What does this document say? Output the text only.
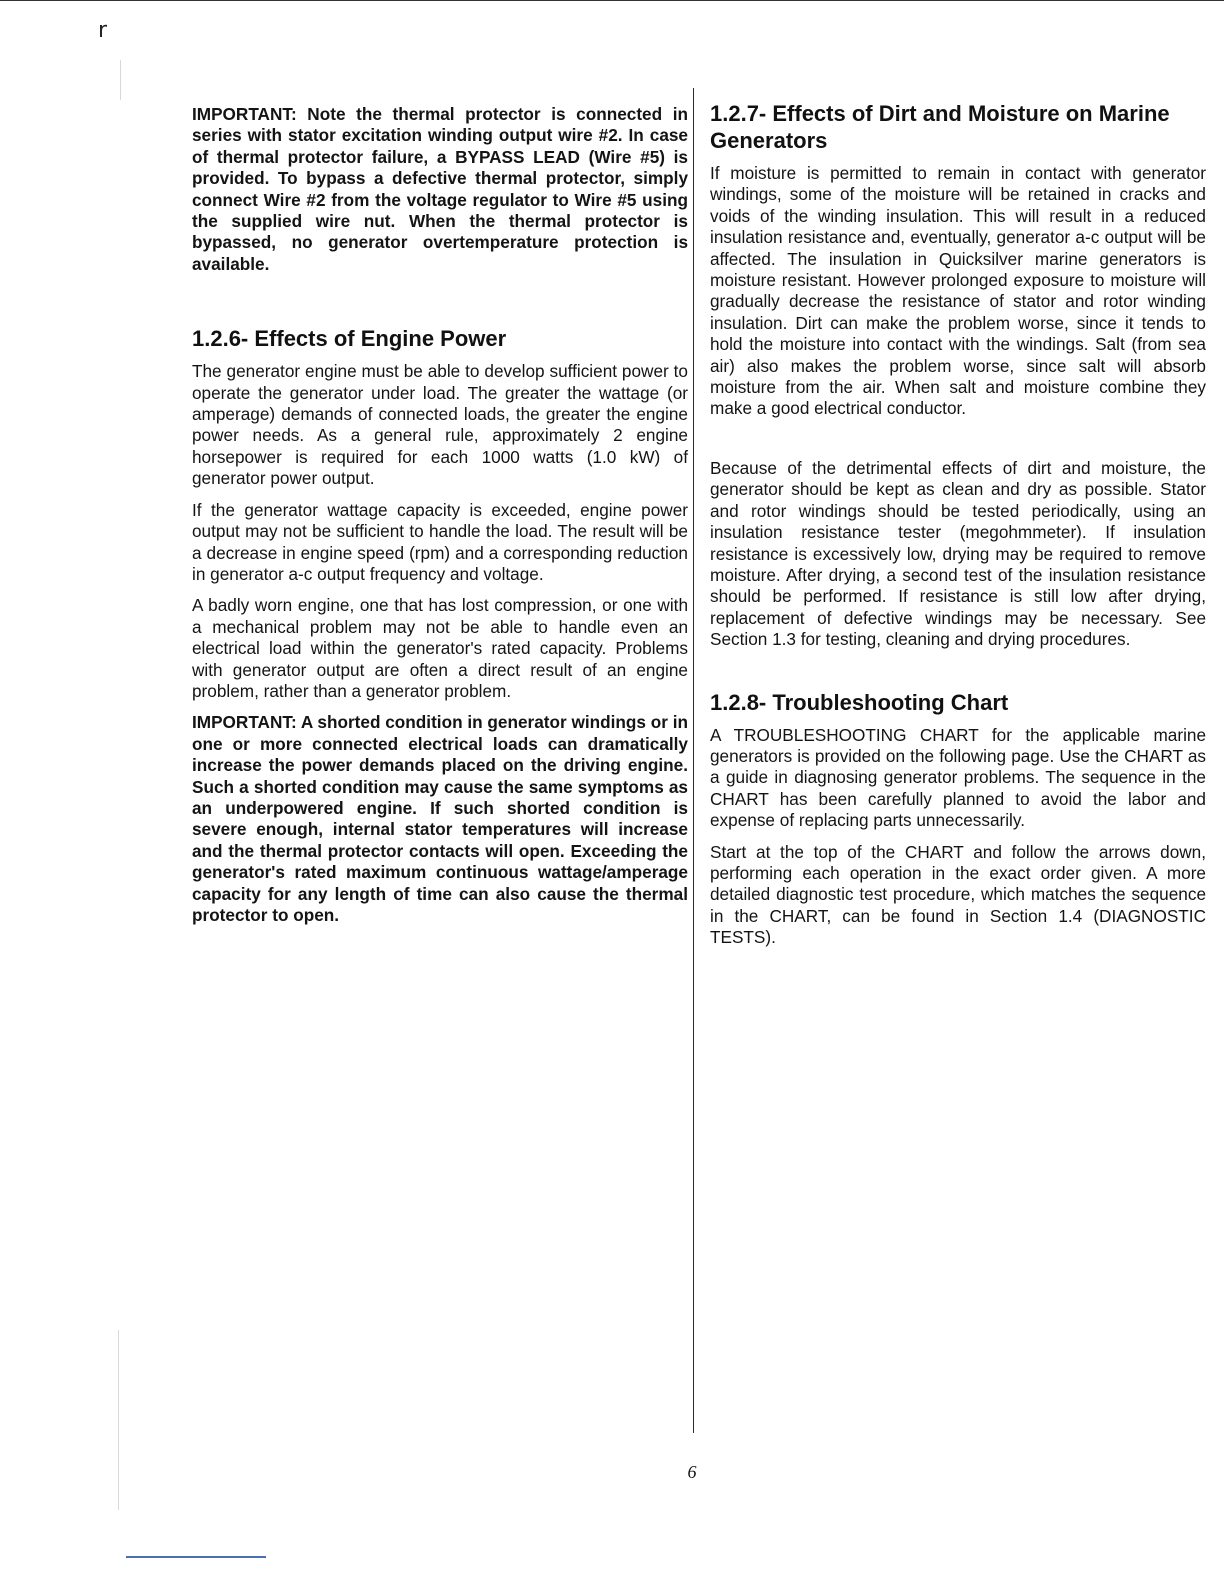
r

IMPORTANT: Note the thermal protector is connected in series with stator excitation winding output wire #2. In case of thermal protector failure, a BYPASS LEAD (Wire #5) is provided. To bypass a defective thermal protector, simply connect Wire #2 from the voltage regulator to Wire #5 using the supplied wire nut. When the thermal protector is bypassed, no generator overtemperature protection is available.

1.2.6- Effects of Engine Power

The generator engine must be able to develop sufficient power to operate the generator under load. The greater the wattage (or amperage) demands of connected loads, the greater the engine power needs. As a general rule, approximately 2 engine horsepower is required for each 1000 watts (1.0 kW) of generator power output.

If the generator wattage capacity is exceeded, engine power output may not be sufficient to handle the load. The result will be a decrease in engine speed (rpm) and a corresponding reduction in generator a-c output frequency and voltage.

A badly worn engine, one that has lost compression, or one with a mechanical problem may not be able to handle even an electrical load within the generator's rated capacity. Problems with generator output are often a direct result of an engine problem, rather than a generator problem.

IMPORTANT: A shorted condition in generator windings or in one or more connected electrical loads can dramatically increase the power demands placed on the driving engine. Such a shorted condition may cause the same symptoms as an underpowered engine. If such shorted condition is severe enough, internal stator temperatures will increase and the thermal protector contacts will open. Exceeding the generator's rated maximum continuous wattage/amperage capacity for any length of time can also cause the thermal protector to open.

1.2.7- Effects of Dirt and Moisture on Marine Generators

If moisture is permitted to remain in contact with generator windings, some of the moisture will be retained in cracks and voids of the winding insulation. This will result in a reduced insulation resistance and, eventually, generator a-c output will be affected. The insulation in Quicksilver marine generators is moisture resistant. However prolonged exposure to moisture will gradually decrease the resistance of stator and rotor winding insulation. Dirt can make the problem worse, since it tends to hold the moisture into contact with the windings. Salt (from sea air) also makes the problem worse, since salt will absorb moisture from the air. When salt and moisture combine they make a good electrical conductor.

Because of the detrimental effects of dirt and moisture, the generator should be kept as clean and dry as possible. Stator and rotor windings should be tested periodically, using an insulation resistance tester (megohmmeter). If insulation resistance is excessively low, drying may be required to remove moisture. After drying, a second test of the insulation resistance should be performed. If resistance is still low after drying, replacement of defective windings may be necessary. See Section 1.3 for testing, cleaning and drying procedures.

1.2.8- Troubleshooting Chart

A TROUBLESHOOTING CHART for the applicable marine generators is provided on the following page. Use the CHART as a guide in diagnosing generator problems. The sequence in the CHART has been carefully planned to avoid the labor and expense of replacing parts unnecessarily.

Start at the top of the CHART and follow the arrows down, performing each operation in the exact order given. A more detailed diagnostic test procedure, which matches the sequence in the CHART, can be found in Section 1.4 (DIAGNOSTIC TESTS).

6
